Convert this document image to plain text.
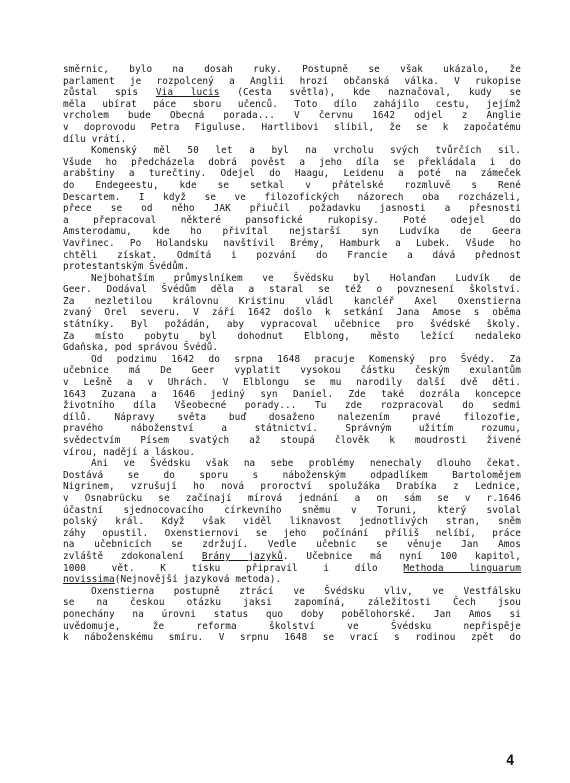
směrnic, bylo na dosah ruky. Postupně se však ukázalo, že
parlament je rozpolcený a Anglii hrozí občanská válka. V rukopise
zůstal spis Via lucis (Cesta světla), kde naznačoval, kudy se
měla ubírat páce sboru učenců. Toto dílo zahájilo cestu, jejímž
vrcholem bude Obecná porada... V červnu 1642 odjel z Anglie
v doprovodu Petra Figuluse. Hartlibovi slíbil, že se k započatému
dílu vrátí.
Komenský měl 50 let a byl na vrcholu svých tvůrčích sil.
Všude ho předcházela dobrá pověst a jeho díla se překládala i do
arabštiny a turečtiny. Odejel do Haagu, Leidenu a poté na zámeček
do Endegeestu, kde se setkal v přátelské rozmluvě s René
Descartem. I když se ve filozofických názorech oba rozcházeli,
přece se od něho JAK přiučil požadavku jasnosti a přesnosti
a přepracoval některé pansofické rukopisy. Poté odejel do
Amsterodamu, kde ho přivítal nejstarší syn Ludvíka de Geera
Vavřinec. Po Holandsku navštívil Brémy, Hamburk a Lubek. Všude ho
chtěli získat. Odmítá i pozvání do Francie a dává přednost
protestantským Švédům.
Nejbohatším průmyslníkem ve Švédsku byl Holanďan Ludvík de
Geer. Dodával Švédům děla a staral se též o povznesení školství.
Za nezletilou královnu Kristinu vládl kancléř Axel Oxenstierna
zvaný Orel severu. V září 1642 došlo k setkání Jana Amose s oběma
státníky. Byl požádán, aby vypracoval učebnice pro švédské školy.
Za místo pobytu byl dohodnut Elblong, město ležící nedaleko
Gdaňska, pod správou Švédů.
Od podzimu 1642 do srpna 1648 pracuje Komenský pro Švédy. Za
učebnice má De Geer vyplatit vysokou částku českým exulantům
v Lešně a v Uhrách. V Elblongu se mu narodily další dvě děti.
1643 Zuzana a 1646 jediný syn Daniel. Zde také dozrála koncepce
životního díla Všeobecné porady... Tu zde rozpracoval do sedmi
dílů. Nápravy světa buď dosaženo nalezením pravé filozofie,
pravého náboženství a státnictví. Správným užitím rozumu,
svědectvím Písem svatých až stoupá člověk k moudrosti živené
vírou, nadějí a láskou.
Ani ve Švédsku však na sebe problémy nenechaly dlouho čekat.
Dostává se do sporu s náboženským odpadlíkem Bartolomějem
Nigrinem, vzrušují ho nová proroctví spolužáka Drabíka z Lednice,
v Osnabrücku se začínají mírová jednání a on sám se v r.1646
účastní sjednocovacího církevního sněmu v Toruni, který svolal
polský král. Když však viděl liknavost jednotlivých stran, sněm
záhy opustil. Oxenstiernovi se jeho počínání příliš nelíbí, práce
na učebnicích se zdržují. Vedle učebnic se věnuje Jan Amos
zvláště zdokonalení Brány jazyků. Učebnice má nyní 100 kapitol,
1000 vět. K tisku připravil i dílo Methoda linguarum
novissima(Nejnovější jazyková metoda).
Oxenstierna postupně ztrácí ve Švédsku vliv, ve Vestfálsku
se na českou otázku jaksi zapomíná, záležitosti Čech jsou
ponechány na úrovni status quo doby pobělohorské. Jan Amos si
uvědomuje, že reforma školství ve Švédsku nepřispěje
k náboženskému smíru. V srpnu 1648 se vrací s rodinou zpět do
4
